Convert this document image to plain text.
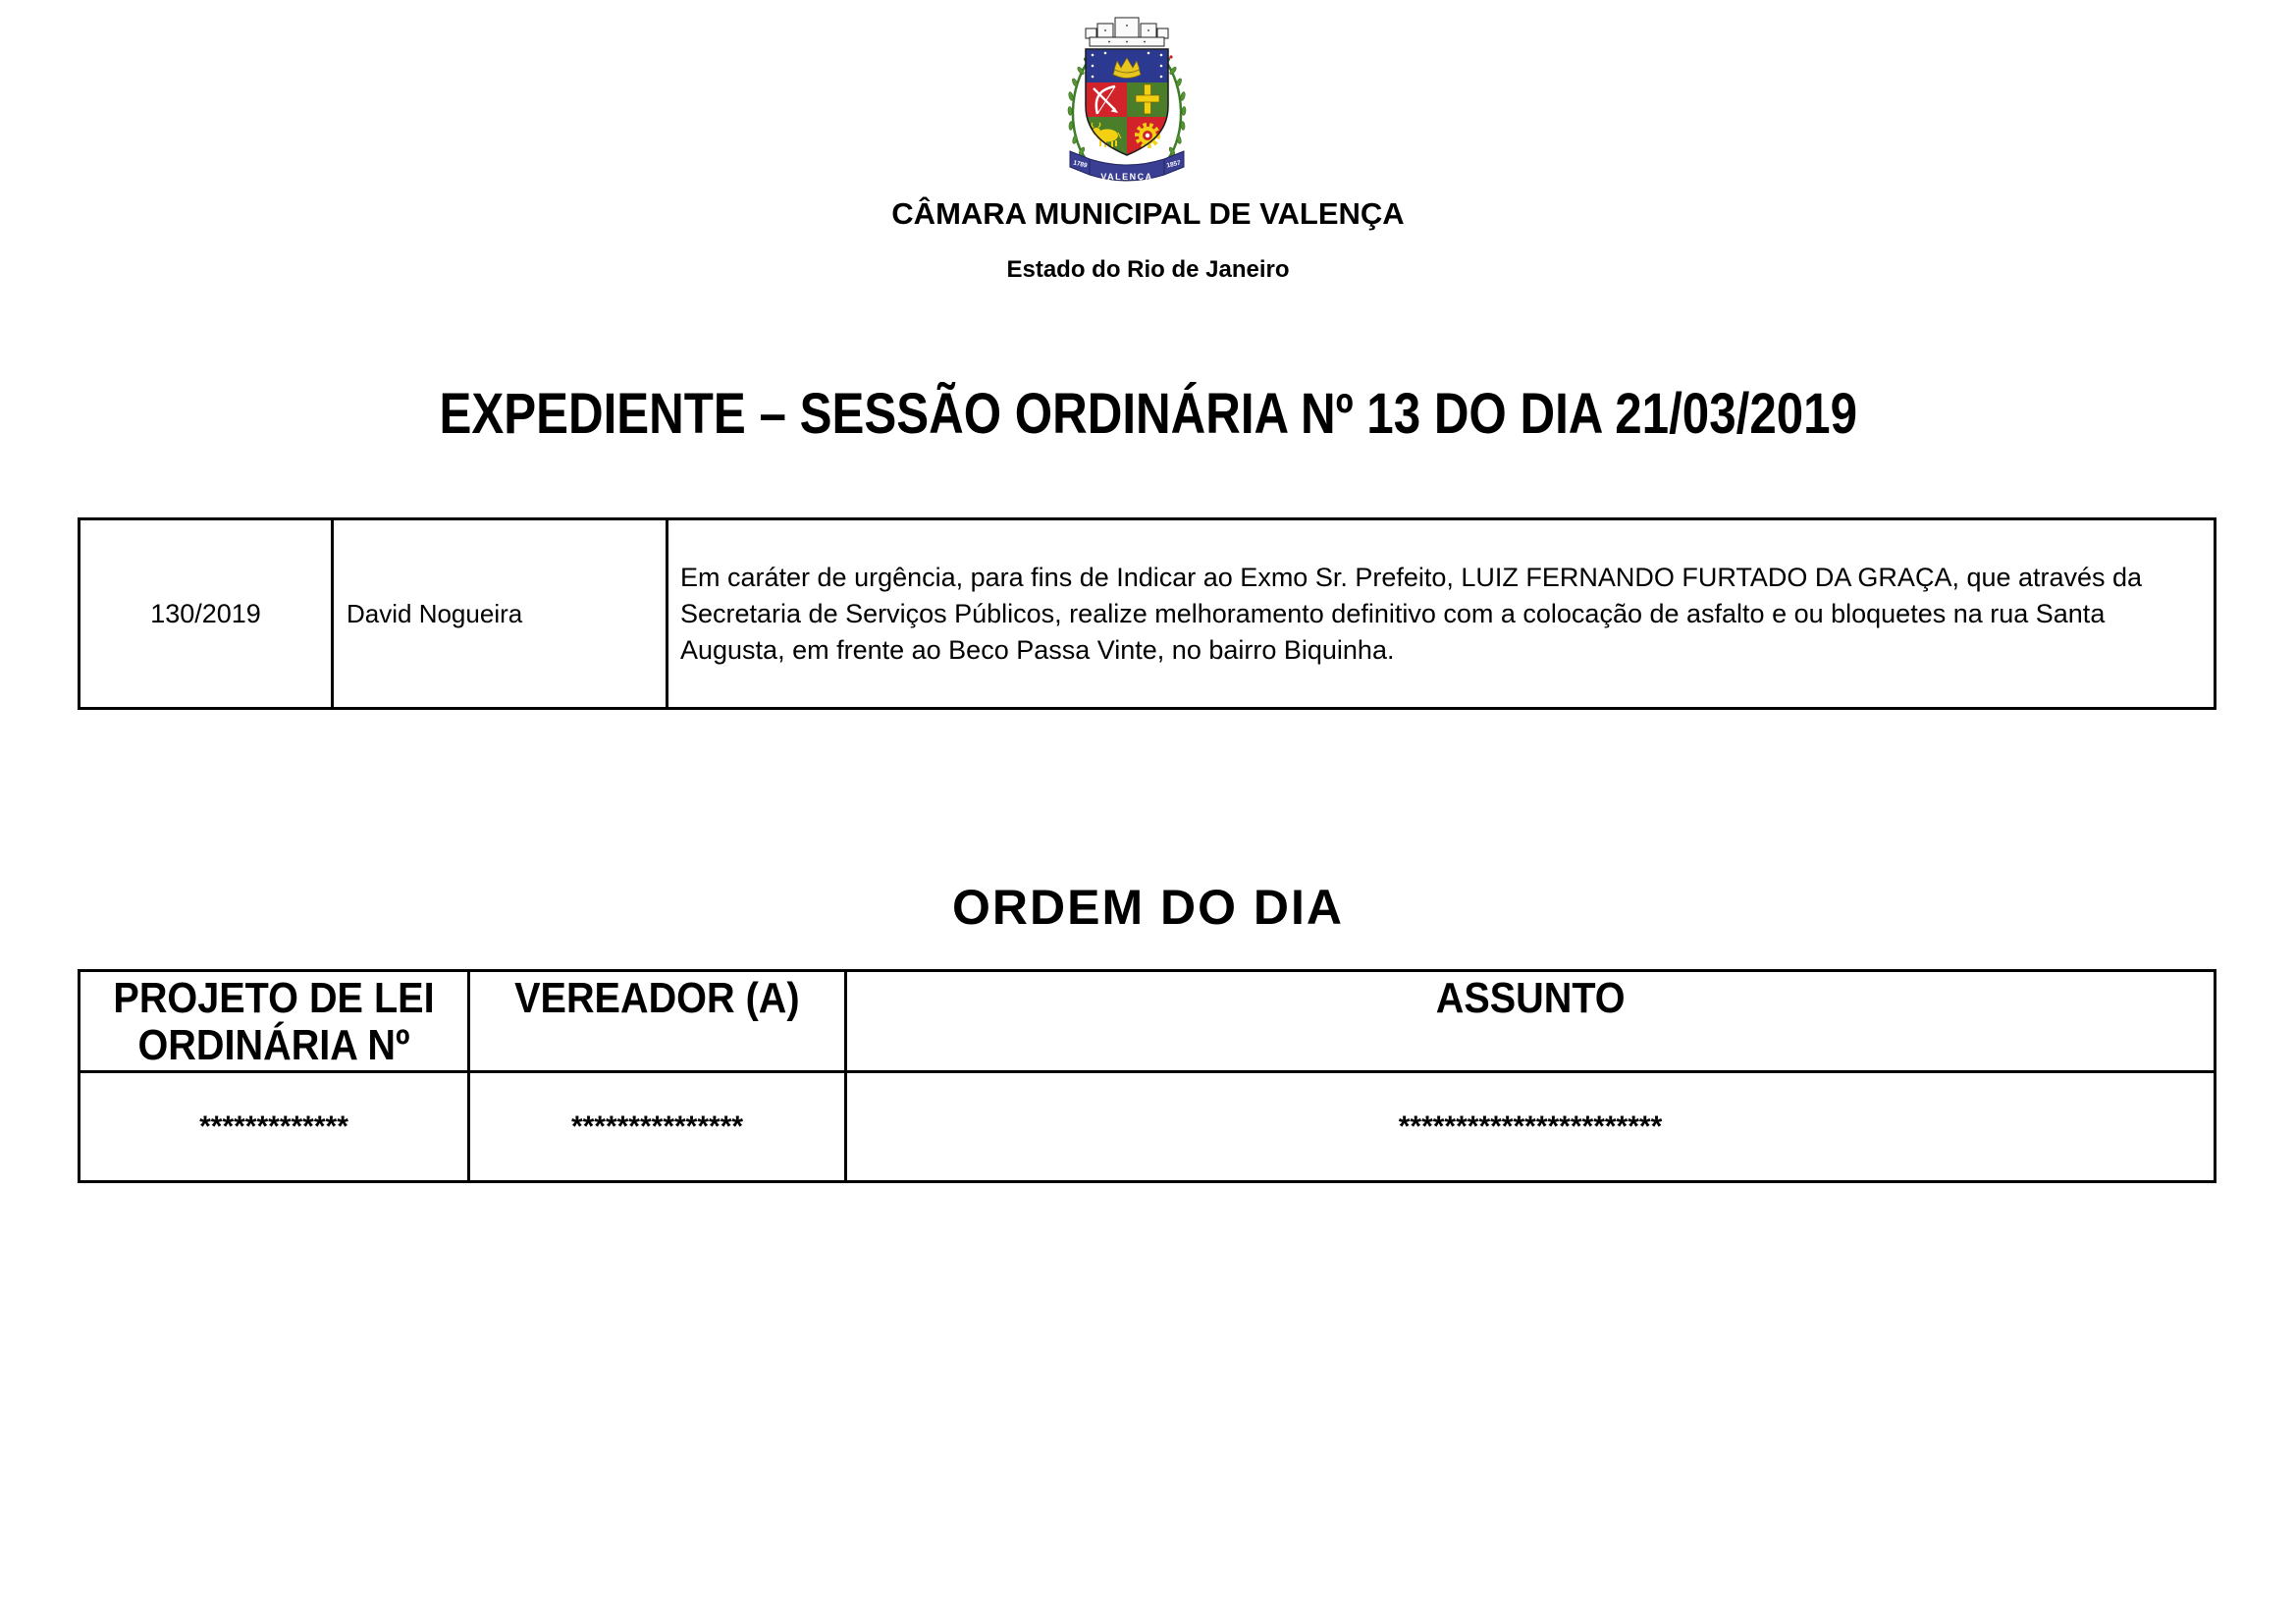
1789
VALENÇA
1857
CÂMARA MUNICIPAL DE VALENÇA
Estado do Rio de Janeiro
EXPEDIENTE – SESSÃO ORDINÁRIA Nº 13 DO DIA 21/03/2019
130/2019	David Nogueira	Em caráter de urgência, para fins de Indicar ao Exmo Sr. Prefeito, LUIZ FERNANDO FURTADO DA GRAÇA, que através da Secretaria de Serviços Públicos, realize melhoramento definitivo com a colocação de asfalto e ou bloquetes na rua Santa Augusta, em frente ao Beco Passa Vinte, no bairro Biquinha.
ORDEM DO DIA
PROJETO DE LEI ORDINÁRIA Nº	VEREADOR (A)	ASSUNTO
*************	***************	***********************
